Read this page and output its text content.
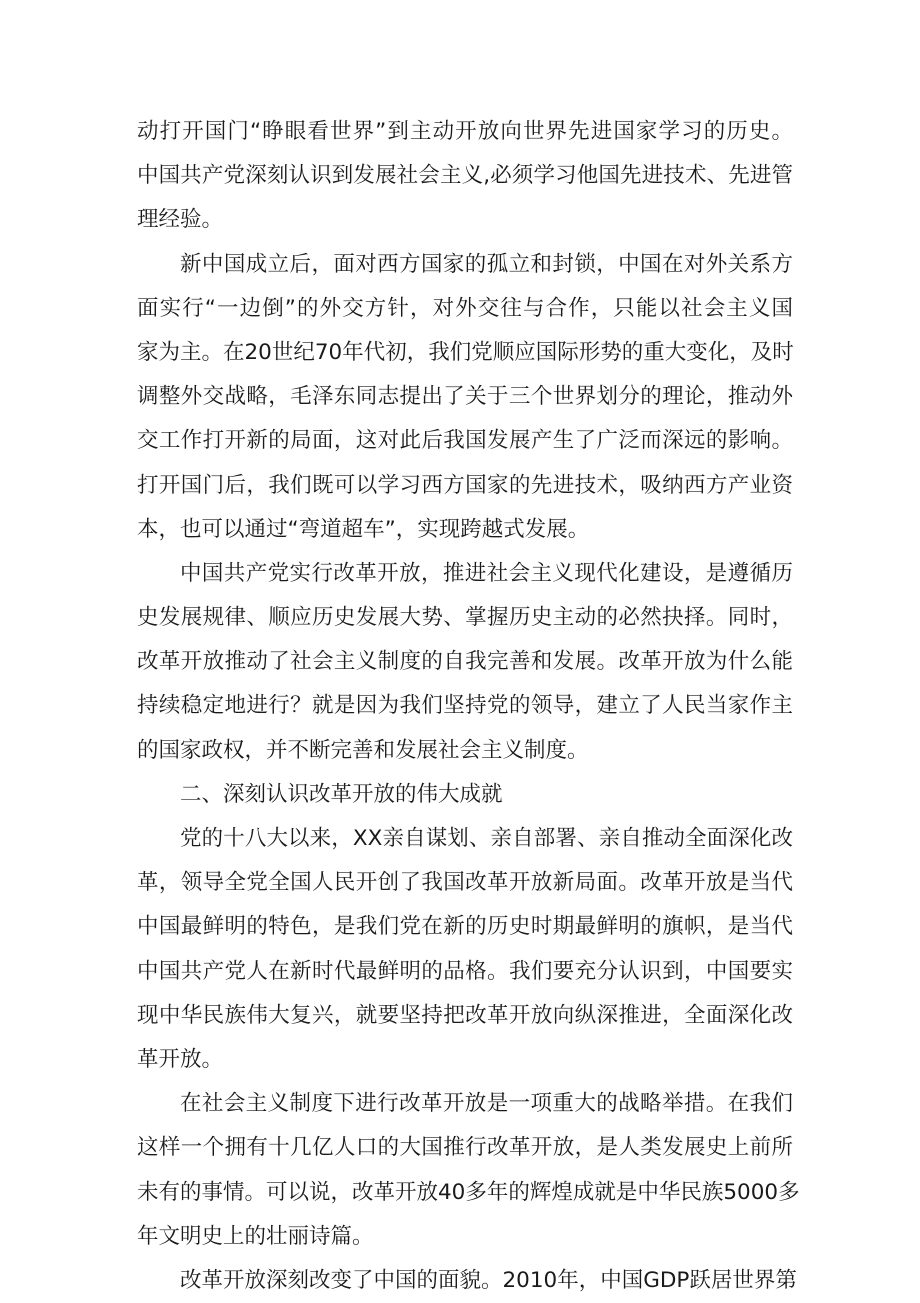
动打开国门“睁眼看世界”到主动开放向世界先进国家学习的历史。
中国共产党深刻认识到发展社会主义,必须学习他国先进技术、先进管
理经验。
新中国成立后，面对西方国家的孤立和封锁，中国在对外关系方
面实行“一边倒”的外交方针，对外交往与合作，只能以社会主义国
家为主。在20世纪70年代初，我们党顺应国际形势的重大变化，及时
调整外交战略，毛泽东同志提出了关于三个世界划分的理论，推动外
交工作打开新的局面，这对此后我国发展产生了广泛而深远的影响。
打开国门后，我们既可以学习西方国家的先进技术，吸纳西方产业资
本，也可以通过“弯道超车”，实现跨越式发展。
中国共产党实行改革开放，推进社会主义现代化建设，是遵循历
史发展规律、顺应历史发展大势、掌握历史主动的必然抉择。同时，
改革开放推动了社会主义制度的自我完善和发展。改革开放为什么能
持续稳定地进行？就是因为我们坚持党的领导，建立了人民当家作主
的国家政权，并不断完善和发展社会主义制度。
二、深刻认识改革开放的伟大成就
党的十八大以来，XX亲自谋划、亲自部署、亲自推动全面深化改
革，领导全党全国人民开创了我国改革开放新局面。改革开放是当代
中国最鲜明的特色，是我们党在新的历史时期最鲜明的旗帜，是当代
中国共产党人在新时代最鲜明的品格。我们要充分认识到，中国要实
现中华民族伟大复兴，就要坚持把改革开放向纵深推进，全面深化改
革开放。
在社会主义制度下进行改革开放是一项重大的战略举措。在我们
这样一个拥有十几亿人口的大国推行改革开放，是人类发展史上前所
未有的事情。可以说，改革开放40多年的辉煌成就是中华民族5000多
年文明史上的壮丽诗篇。
改革开放深刻改变了中国的面貌。2010年，中国GDP跃居世界第
